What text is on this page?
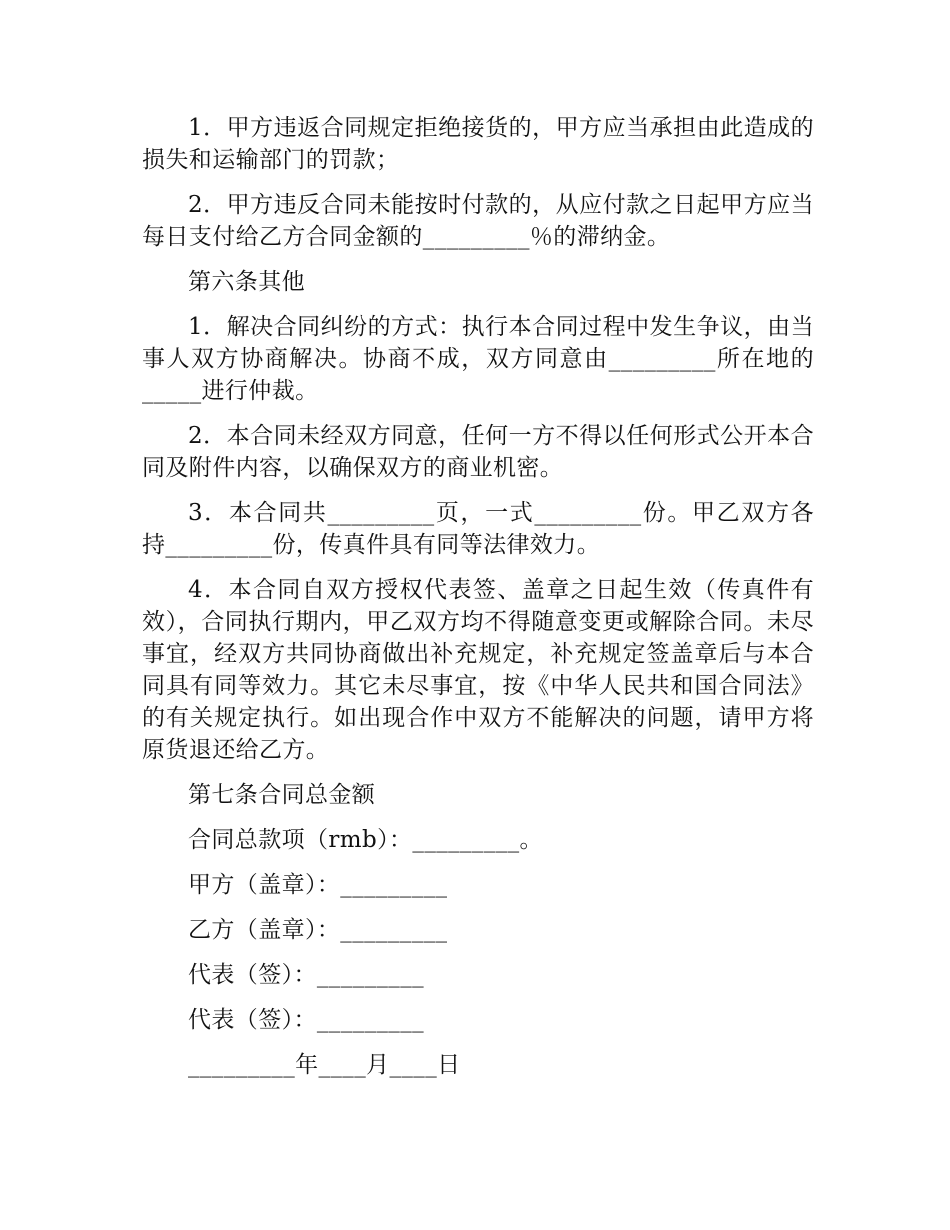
1．甲方违返合同规定拒绝接货的，甲方应当承担由此造成的损失和运输部门的罚款；

2．甲方违反合同未能按时付款的，从应付款之日起甲方应当每日支付给乙方合同金额的_________％的滞纳金。

第六条其他

1．解决合同纠纷的方式：执行本合同过程中发生争议，由当事人双方协商解决。协商不成，双方同意由_________所在地的_____进行仲裁。

2．本合同未经双方同意，任何一方不得以任何形式公开本合同及附件内容，以确保双方的商业机密。

3．本合同共_________页，一式_________份。甲乙双方各持_________份，传真件具有同等法律效力。

4．本合同自双方授权代表签、盖章之日起生效（传真件有效），合同执行期内，甲乙双方均不得随意变更或解除合同。未尽事宜，经双方共同协商做出补充规定，补充规定签盖章后与本合同具有同等效力。其它未尽事宜，按《中华人民共和国合同法》的有关规定执行。如出现合作中双方不能解决的问题，请甲方将原货退还给乙方。

第七条合同总金额

合同总款项（rmb）：_________。

甲方（盖章）：_________

乙方（盖章）：_________

代表（签）：_________

代表（签）：_________

_________年____月____日
